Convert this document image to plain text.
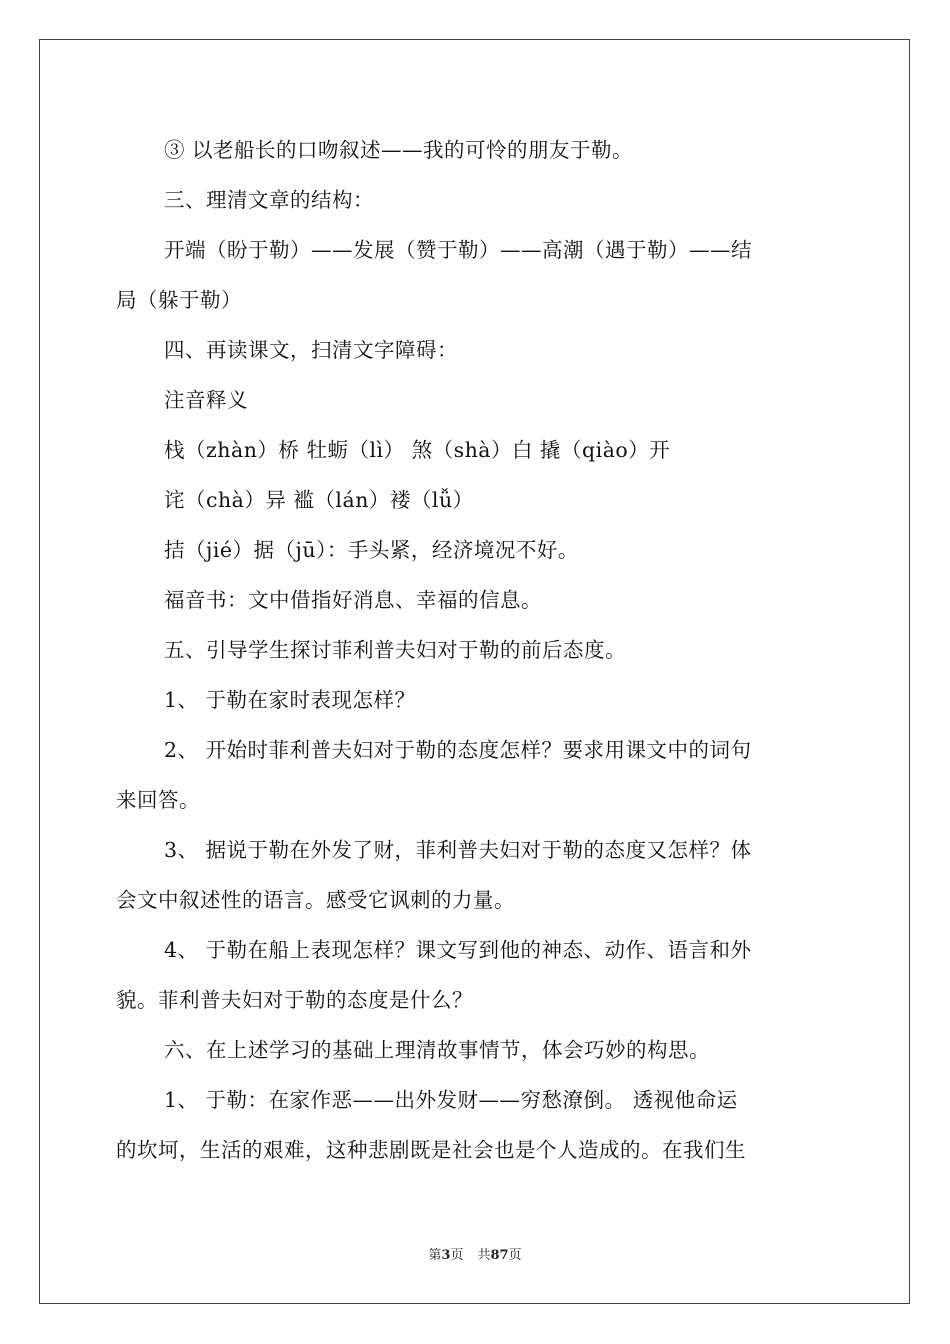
③ 以老船长的口吻叙述——我的可怜的朋友于勒。
三、理清文章的结构：
开端（盼于勒）——发展（赞于勒）——高潮（遇于勒）——结
局（躲于勒）
四、再读课文，扫清文字障碍：
注音释义
栈（zhàn）桥 牡蛎（lì） 煞（shà）白 撬（qiào）开
诧（chà）异 褴（lán）褛（lǚ）
拮（jié）据（jū）：手头紧，经济境况不好。
福音书：文中借指好消息、幸福的信息。
五、引导学生探讨菲利普夫妇对于勒的前后态度。
1、 于勒在家时表现怎样？
2、 开始时菲利普夫妇对于勒的态度怎样？要求用课文中的词句
来回答。
3、 据说于勒在外发了财，菲利普夫妇对于勒的态度又怎样？体
会文中叙述性的语言。感受它讽刺的力量。
4、 于勒在船上表现怎样？课文写到他的神态、动作、语言和外
貌。菲利普夫妇对于勒的态度是什么？
六、在上述学习的基础上理清故事情节，体会巧妙的构思。
1、 于勒：在家作恶——出外发财——穷愁潦倒。 透视他命运
的坎坷，生活的艰难，这种悲剧既是社会也是个人造成的。在我们生
第3页 共87页
